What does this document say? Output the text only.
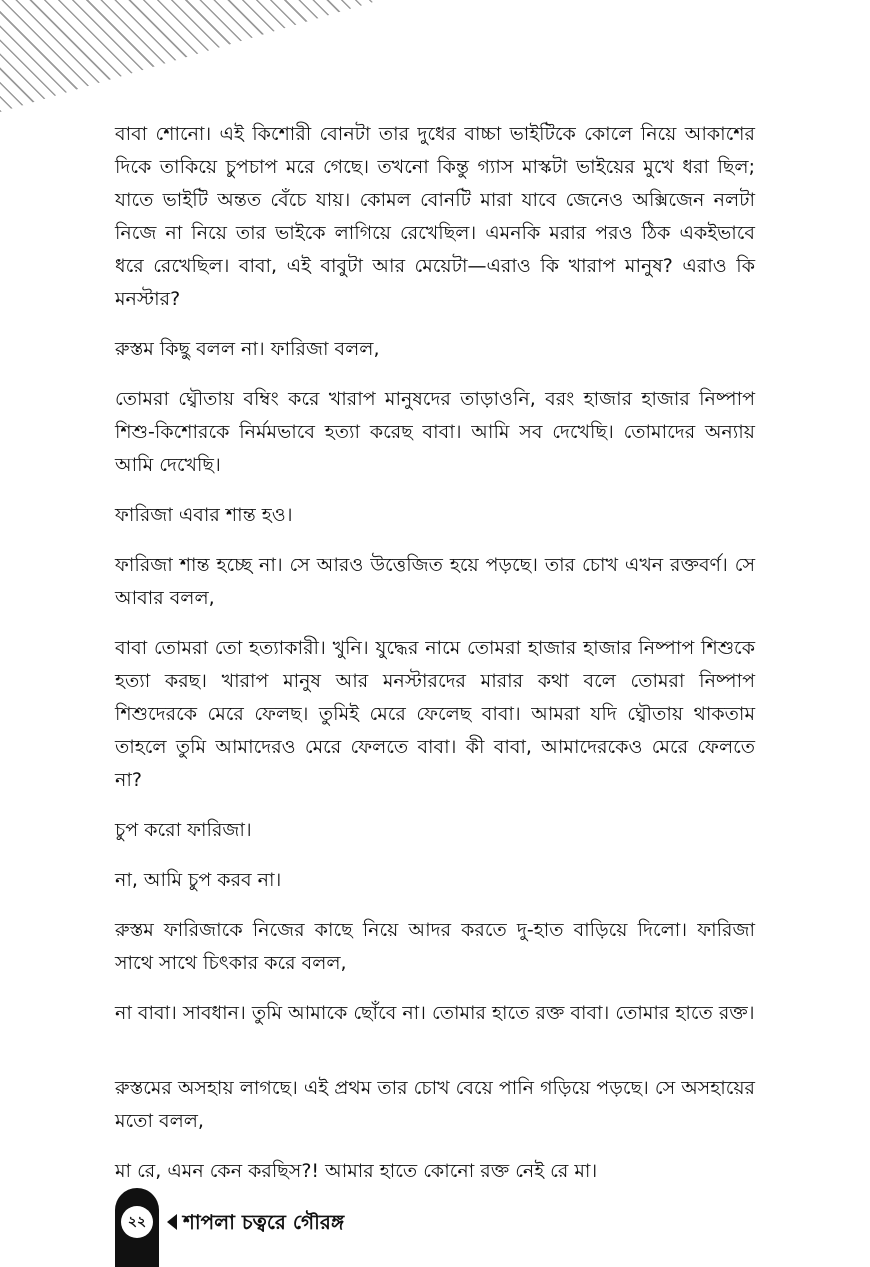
বাবা শোনো। এই কিশোরী বোনটা তার দুধের বাচ্চা ভাইটিকে কোলে নিয়ে আকাশের দিকে তাকিয়ে চুপচাপ মরে গেছে। তখনো কিন্তু গ্যাস মাস্কটা ভাইয়ের মুখে ধরা ছিল; যাতে ভাইটি অন্তত বেঁচে যায়। কোমল বোনটি মারা যাবে জেনেও অক্সিজেন নলটা নিজে না নিয়ে তার ভাইকে লাগিয়ে রেখেছিল। এমনকি মরার পরও ঠিক একইভাবে ধরে রেখেছিল। বাবা, এই বাবুটা আর মেয়েটা—এরাও কি খারাপ মানুষ? এরাও কি মনস্টার?

রুস্তম কিছু বলল না। ফারিজা বলল,

তোমরা ঘ্বৌতায় বম্বিং করে খারাপ মানুষদের তাড়াওনি, বরং হাজার হাজার নিষ্পাপ শিশু-কিশোরকে নির্মমভাবে হত্যা করেছ বাবা। আমি সব দেখেছি। তোমাদের অন্যায় আমি দেখেছি।

ফারিজা এবার শান্ত হও।

ফারিজা শান্ত হচ্ছে না। সে আরও উত্তেজিত হয়ে পড়ছে। তার চোখ এখন রক্তবর্ণ। সে আবার বলল,

বাবা তোমরা তো হত্যাকারী। খুনি। যুদ্ধের নামে তোমরা হাজার হাজার নিষ্পাপ শিশুকে হত্যা করছ। খারাপ মানুষ আর মনস্টারদের মারার কথা বলে তোমরা নিষ্পাপ শিশুদেরকে মেরে ফেলছ। তুমিই মেরে ফেলেছ বাবা। আমরা যদি ঘ্বৌতায় থাকতাম তাহলে তুমি আমাদেরও মেরে ফেলতে বাবা। কী বাবা, আমাদেরকেও মেরে ফেলতে না?

চুপ করো ফারিজা।

না, আমি চুপ করব না।

রুস্তম ফারিজাকে নিজের কাছে নিয়ে আদর করতে দু-হাত বাড়িয়ে দিলো। ফারিজা সাথে সাথে চিৎকার করে বলল,

না বাবা। সাবধান। তুমি আমাকে ছোঁবে না। তোমার হাতে রক্ত বাবা। তোমার হাতে রক্ত।

রুস্তমের অসহায় লাগছে। এই প্রথম তার চোখ বেয়ে পানি গড়িয়ে পড়ছে। সে অসহায়ের মতো বলল,

মা রে, এমন কেন করছিস?! আমার হাতে কোনো রক্ত নেই রে মা।

২২	শাপলা চত্বরে গৌরঙ্গ
